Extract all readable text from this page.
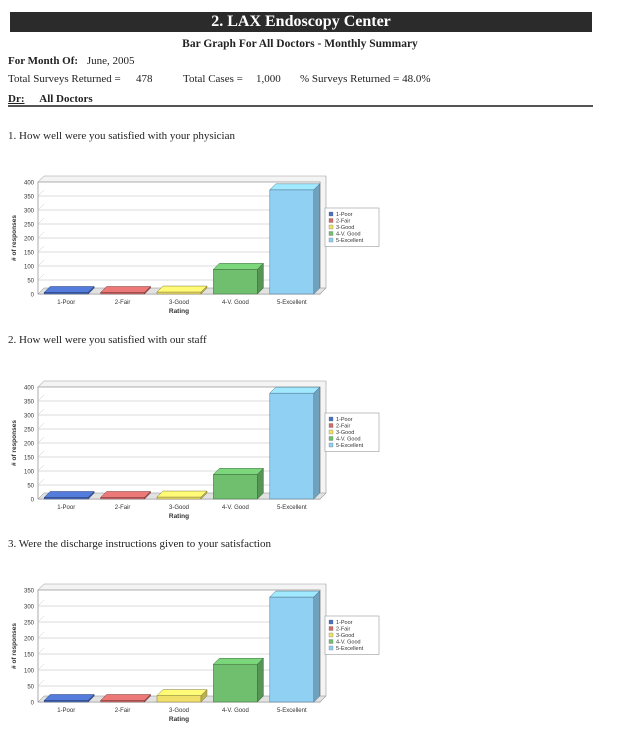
2. LAX Endoscopy Center
Bar Graph For All Doctors - Monthly Summary
For Month Of: June, 2005
Total Surveys Returned = 478	Total Cases = 1,000 % Surveys Returned = 48.0%
Dr: All Doctors
1. How well were you satisfied with your physician
0
50
100
150
200
250
300
350
400
1-Poor	2-Fair	3-Good	4-V. Good	5-Excellent
Rating
# of responses
1-Poor
2-Fair
3-Good
4-V. Good
5-Excellent
2. How well were you satisfied with our staff
0
50
100
150
200
250
300
350
400
1-Poor	2-Fair	3-Good	4-V. Good	5-Excellent
Rating
# of responses
1-Poor
2-Fair
3-Good
4-V. Good
5-Excellent
3. Were the discharge instructions given to your satisfaction
0
50
100
150
200
250
300
350
1-Poor	2-Fair	3-Good	4-V. Good	5-Excellent
Rating
# of responses
1-Poor
2-Fair
3-Good
4-V. Good
5-Excellent
